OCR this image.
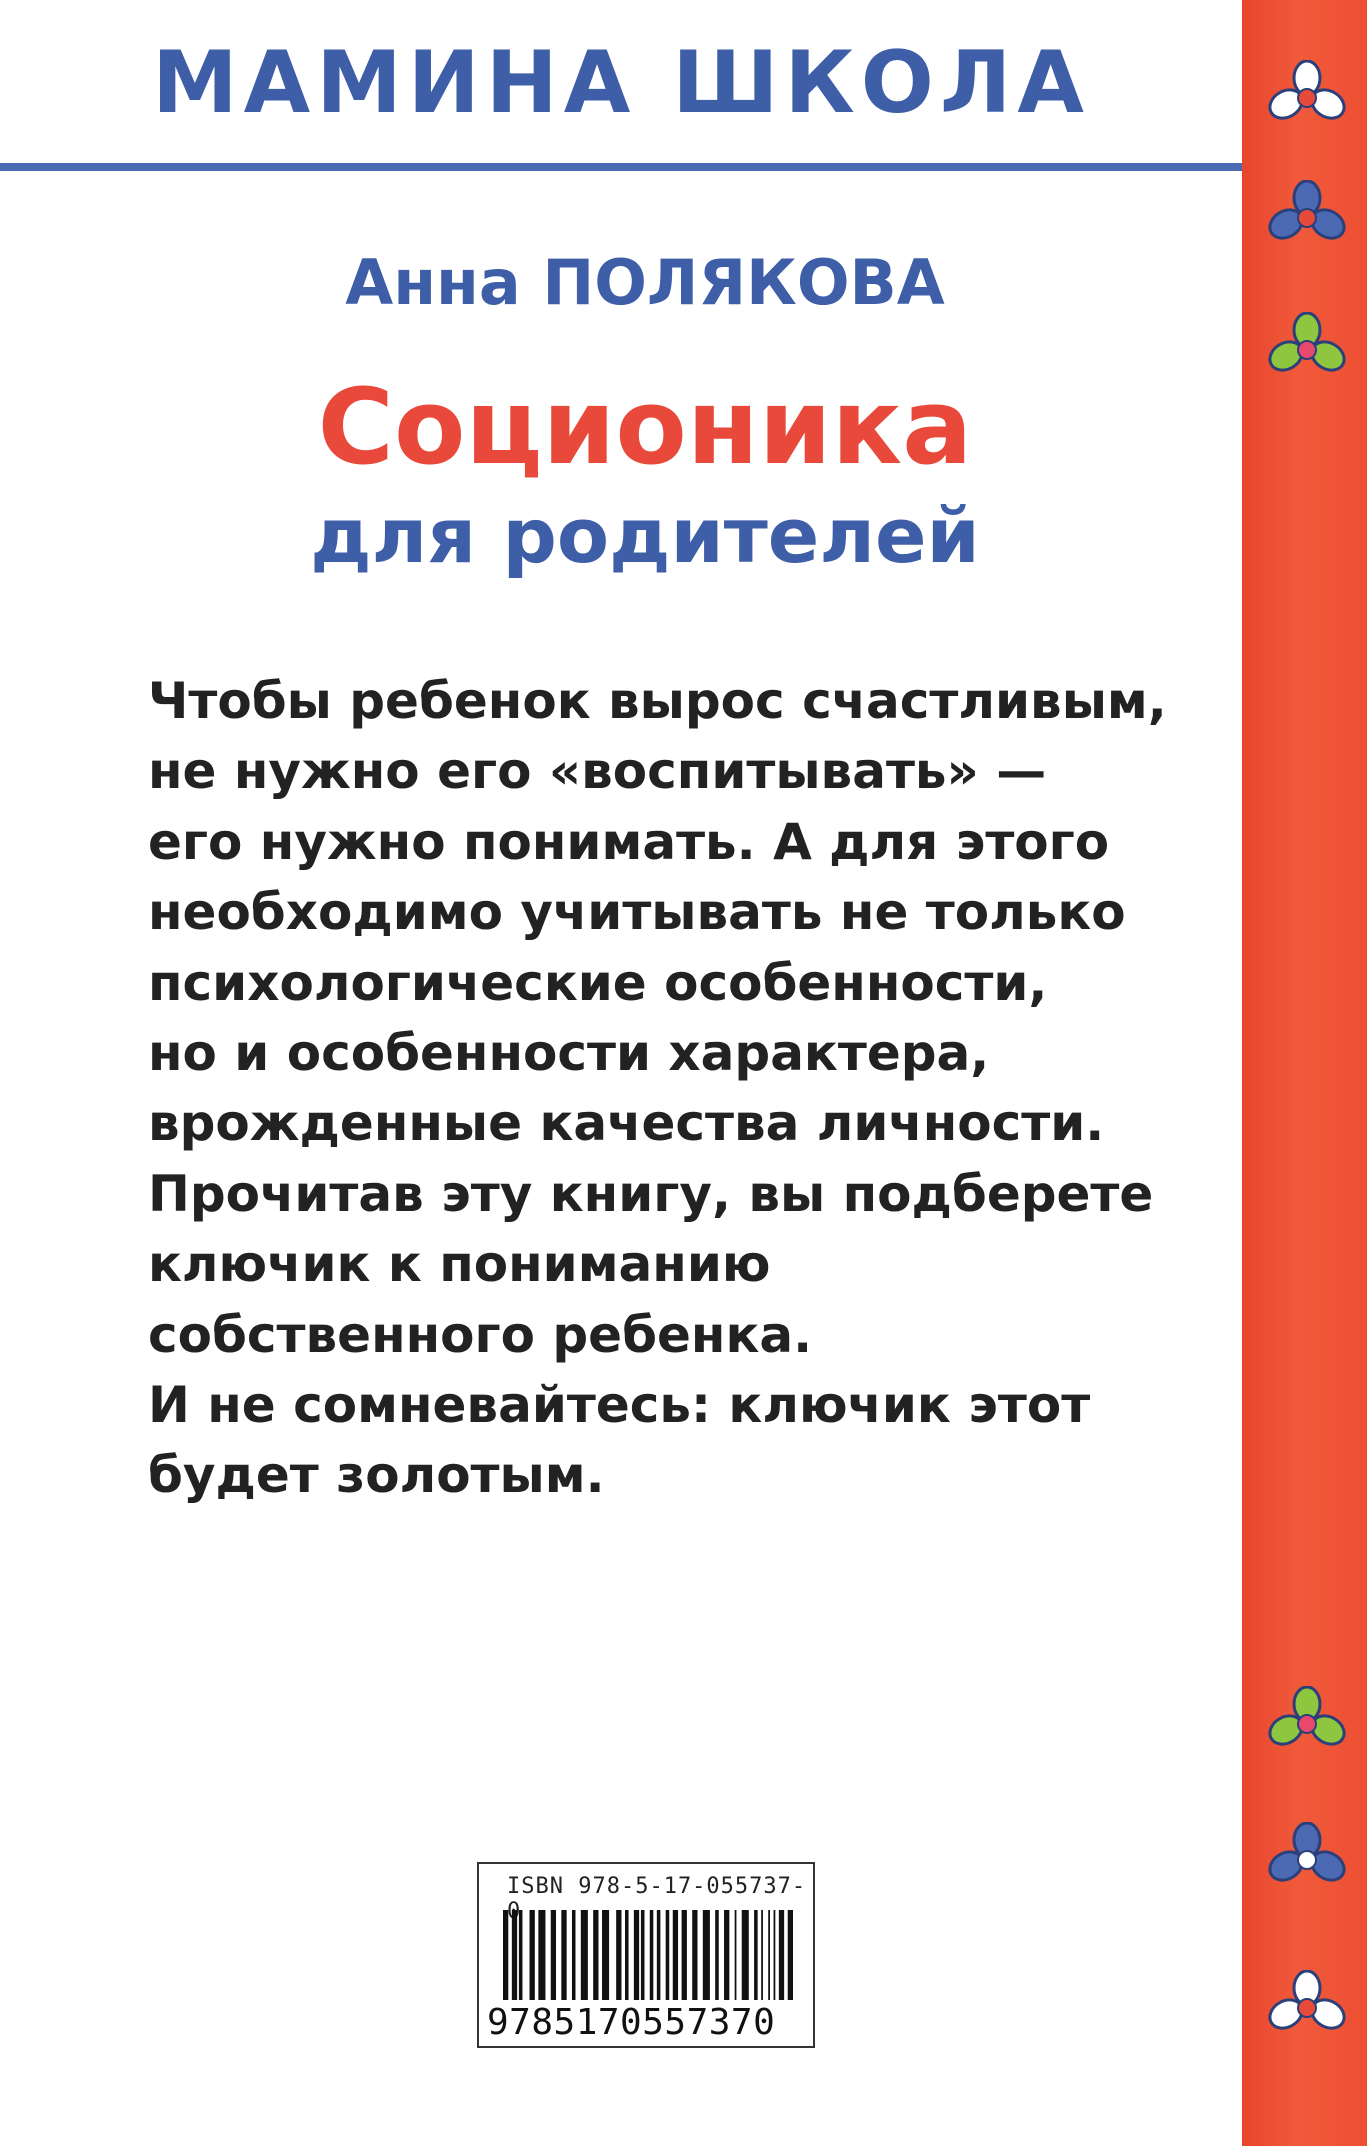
МАМИНА ШКОЛА
Анна ПОЛЯКОВА
Соционика
для родителей

Чтобы ребенок вырос счастливым,
не нужно его «воспитывать» —
его нужно понимать. А для этого
необходимо учитывать не только
психологические особенности,
но и особенности характера,
врожденные качества личности.
Прочитав эту книгу, вы подберете
ключик к пониманию
собственного ребенка.
И не сомневайтесь: ключик этот
будет золотым.

ISBN 978-5-17-055737-
9785170557370
